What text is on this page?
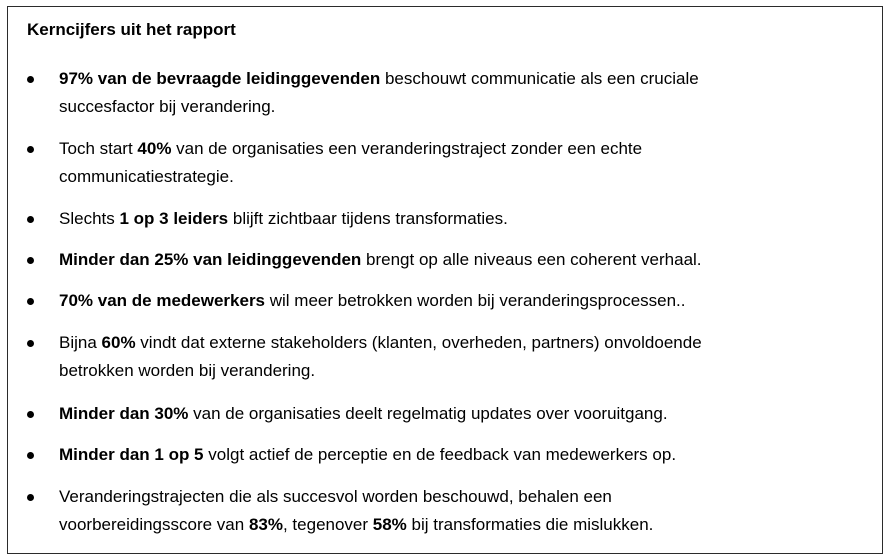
Kerncijfers uit het rapport
97% van de bevraagde leidinggevenden beschouwt communicatie als een cruciale
succesfactor bij verandering.
Toch start 40% van de organisaties een veranderingstraject zonder een echte
communicatiestrategie.
Slechts 1 op 3 leiders blijft zichtbaar tijdens transformaties.
Minder dan 25% van leidinggevenden brengt op alle niveaus een coherent verhaal.
70% van de medewerkers wil meer betrokken worden bij veranderingsprocessen..
Bijna 60% vindt dat externe stakeholders (klanten, overheden, partners) onvoldoende
betrokken worden bij verandering.
Minder dan 30% van de organisaties deelt regelmatig updates over vooruitgang.
Minder dan 1 op 5 volgt actief de perceptie en de feedback van medewerkers op.
Veranderingstrajecten die als succesvol worden beschouwd, behalen een
voorbereidingsscore van 83%, tegenover 58% bij transformaties die mislukken.
